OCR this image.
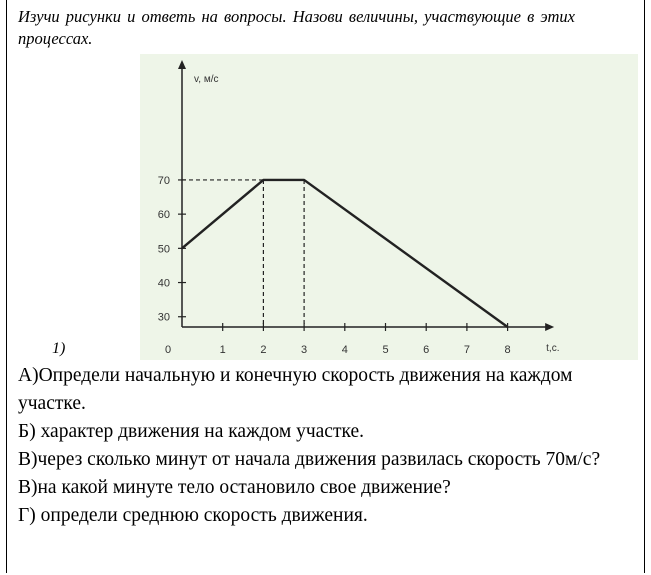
Изучи рисунки и ответь на вопросы. Назови величины, участвующие в этих процессах.
0	1	2	3	4	5	6	7	8
30
40
50
60
70
v, м/с
t,c.
1)

А)Определи начальную и конечную скорость движения на каждом участке.

Б) характер движения на каждом участке.

В)через сколько минут от начала движения развилась скорость 70м/с?

В)на какой минуте тело остановило свое движение?

Г) определи среднюю скорость движения.
